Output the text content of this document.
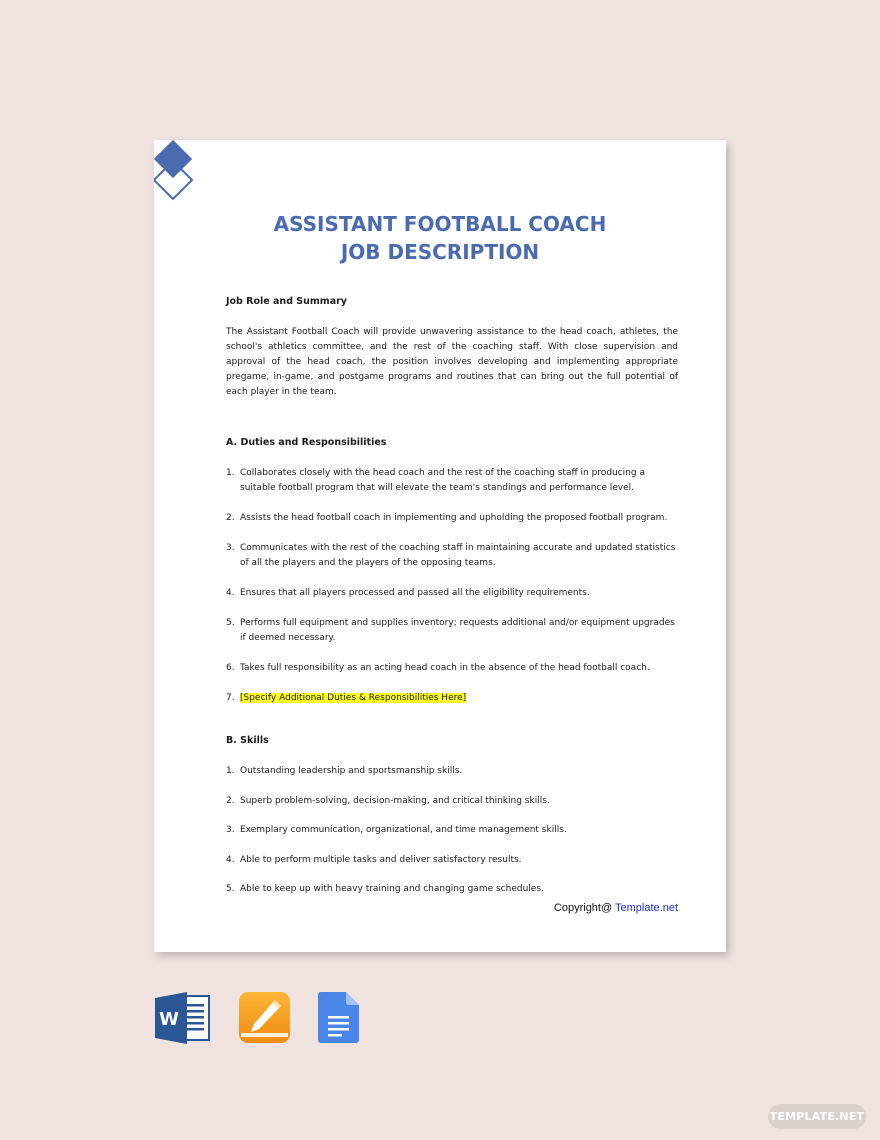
ASSISTANT FOOTBALL COACH
JOB DESCRIPTION
Job Role and Summary

The Assistant Football Coach will provide unwavering assistance to the head coach, athletes, the school's athletics committee, and the rest of the coaching staff. With close supervision and approval of the head coach, the position involves developing and implementing appropriate pregame, in-game, and postgame programs and routines that can bring out the full potential of each player in the team.

A. Duties and Responsibilities
1. Collaborates closely with the head coach and the rest of the coaching staff in producing a suitable football program that will elevate the team's standings and performance level.
2. Assists the head football coach in implementing and upholding the proposed football program.
3. Communicates with the rest of the coaching staff in maintaining accurate and updated statistics of all the players and the players of the opposing teams.
4. Ensures that all players processed and passed all the eligibility requirements.
5. Performs full equipment and supplies inventory; requests additional and/or equipment upgrades if deemed necessary.
6. Takes full responsibility as an acting head coach in the absence of the head football coach.
7. [Specify Additional Duties & Responsibilities Here]
B. Skills
1. Outstanding leadership and sportsmanship skills.
2. Superb problem-solving, decision-making, and critical thinking skills.
3. Exemplary communication, organizational, and time management skills.
4. Able to perform multiple tasks and deliver satisfactory results.
5. Able to keep up with heavy training and changing game schedules.
Copyright@ Template.net
W
TEMPLATE.NET
